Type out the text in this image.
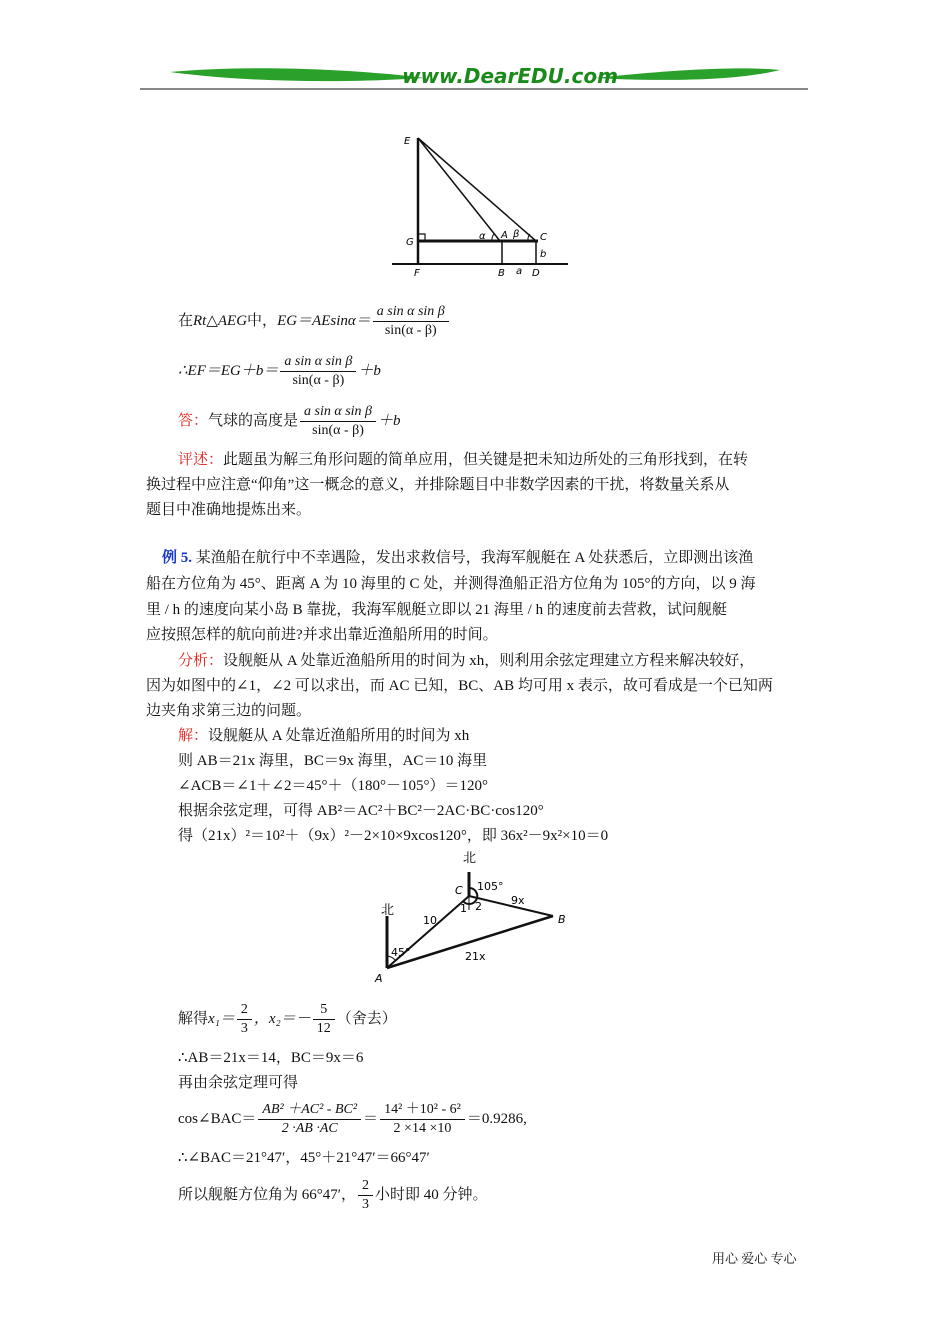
www.DearEDU.com
E
G
F	B a D
b
α A β C
在Rt△AEG中，$EG=AEsin\alpha= \frac{\text{a sin α sin β}}{\sin(\alpha - \beta)}$
∴EF＝EG＋b＝ $\frac{\text{a sin α sin β}}{\sin(\alpha - \beta)} +b$
答：气球的高度是 $\frac{\text{a sin α sin β}}{\sin(\alpha - \beta)} +b$
评述：此题虽为解三角形问题的简单应用，但关键是把未知边所处的三角形找到，在转
换过程中应注意“仰角”这一概念的意义，并排除题目中非数学因素的干扰，将数量关系从
题目中准确地提炼出来。
例 5. 某渔船在航行中不幸遇险，发出求救信号，我海军舰艇在 A 处获悉后，立即测出该渔
船在方位角为 45°、距离 A 为 10 海里的 C 处，并测得渔船正沿方位角为 105°的方向，以 9 海
里 / h 的速度向某小岛 B 靠拢，我海军舰艇立即以 21 海里 / h 的速度前去营救，试问舰艇
应按照怎样的航向前进?并求出靠近渔船所用的时间。
分析：设舰艇从 A 处靠近渔船所用的时间为 xh，则利用余弦定理建立方程来解决较好，
因为如图中的∠1，∠2 可以求出，而 AC 已知，BC、AB 均可用 x 表示，故可看成是一个已知两
边夹角求第三边的问题。
解：设舰艇从 A 处靠近渔船所用的时间为 xh
则 AB＝21x 海里，BC＝9x 海里，AC＝10 海里
∠ACB＝∠1＋∠2＝45°＋（180°－105°）＝120°
根据余弦定理，可得 AB²＝AC²＋BC²－2AC·BC·cos120°
得（21x）²＝10²＋（9x）²－2×10×9xcos120°，即 36x²－9x²×10＝0
北
北
C
A
B
105°
45°
1 2
10
9x
21x
解得$x_1= \frac{2}{3}$ ，$x_2=- \frac{5}{12}$ （舍去）
∴AB＝21x＝14，BC＝9x＝6
再由余弦定理可得
cos∠BAC＝ $\frac{\text{AB² ＋AC² - BC²}}{2 \cdot AB \cdot AC} = \frac{\text{14² ＋10² - 6²}}{2 \times 14 \times 10} =0.9286$,
∴∠BAC＝21°47′，45°＋21°47′＝66°47′
所以舰艇方位角为 66°47′， $\frac{2}{3}$ 小时即 40 分钟。
用心 爱心 专心
